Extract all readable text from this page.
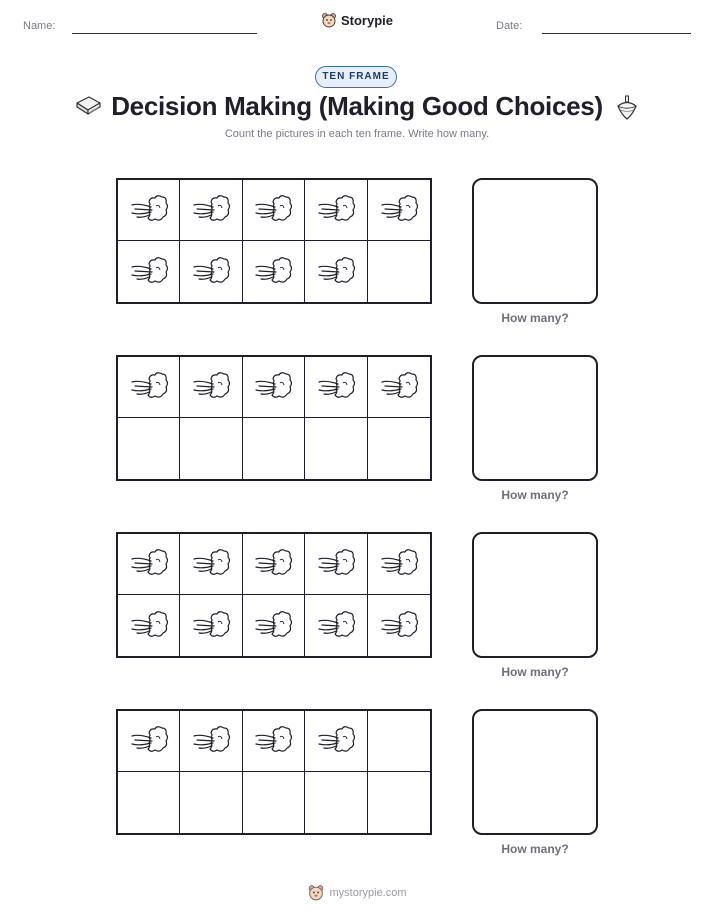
Name:	Storypie	Date:
TEN FRAME
Decision Making (Making Good Choices)
Count the pictures in each ten frame. Write how many.
How many?
How many?
How many?
How many?
mystorypie.com
